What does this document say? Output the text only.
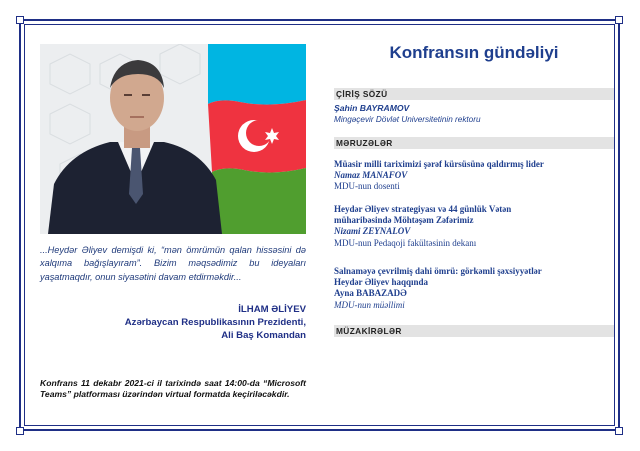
...Heydər Əliyev demişdi ki, “mən ömrümün qalan hissəsini də xalqıma bağışlayıram”. Bizim məqsədimiz bu ideyaları yaşatmaqdır, onun siyasətini davam etdirməkdir...
İLHAM ƏLİYEV
Azərbaycan Respublikasının Prezidenti,
Ali Baş Komandan
Konfrans 11 dekabr 2021-ci il tarixində saat 14:00-da “Microsoft Teams” platforması üzərindən virtual formatda keçiriləcəkdir.
Konfransın gündəliyi
ÇİRİŞ SÖZÜ
Şahin BAYRAMOV
Mingəçevir Dövlət Universitetinin rektoru
MƏRUZƏLƏR
Müasir milli tariximizi şərəf kürsüsünə qaldırmış lider
Namaz MANAFOV
MDU-nun dosenti
Heydər Əliyev strategiyası və 44 günlük Vətən
müharibəsində Möhtəşəm Zəfərimiz
Nizami ZEYNALOV
MDU-nun Pedaqoji fakültəsinin dekanı
Salnaməyə çevrilmiş dahi ömrü: görkəmli şəxsiyyətlər
Heydər Əliyev haqqında
Ayna BABAZADƏ
MDU-nun müəllimi
MÜZAKİRƏLƏR
